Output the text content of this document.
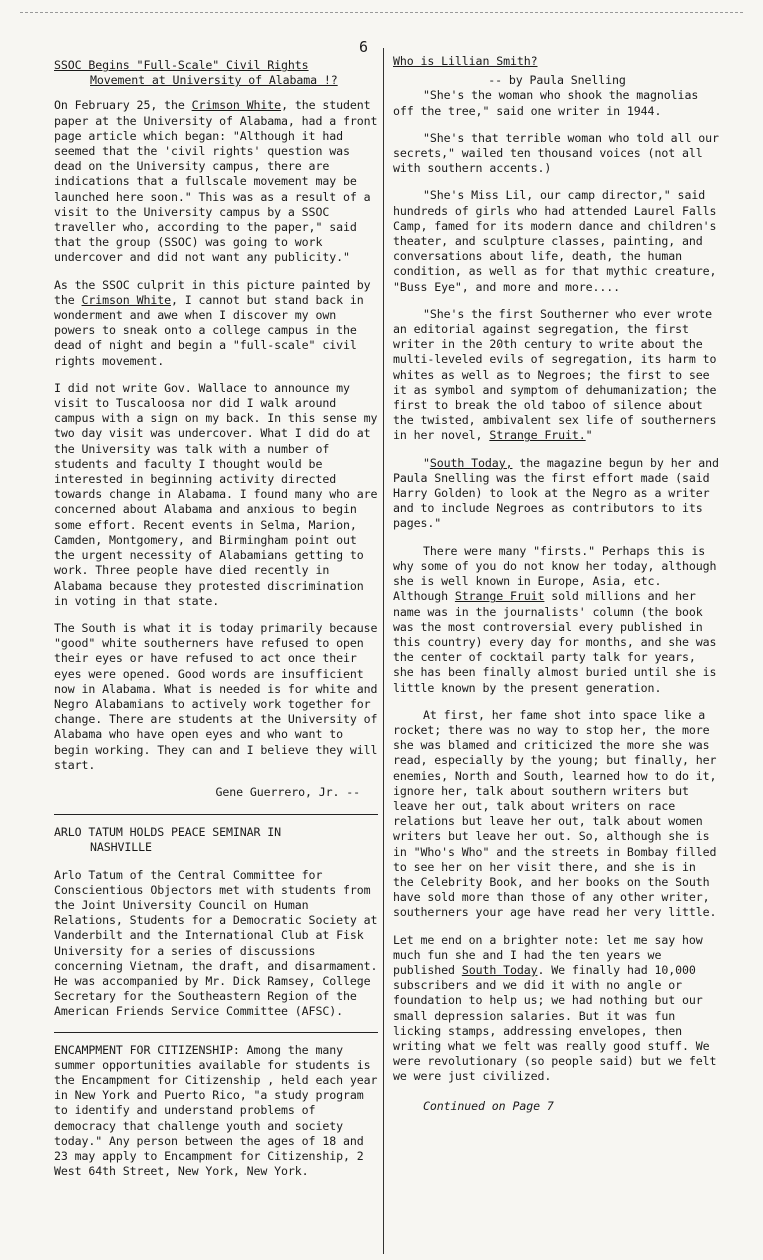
6

SSOC Begins "Full-Scale" Civil Rights

Movement at University of Alabama !?

On February 25, the Crimson White, the student paper at the University of Alabama, had a front page article which began: "Although it had seemed that the 'civil rights' question was dead on the University campus, there are indications that a fullscale movement may be launched here soon." This was as a result of a visit to the University campus by a SSOC traveller who, according to the paper," said that the group (SSOC) was going to work undercover and did not want any publicity."

As the SSOC culprit in this picture painted by the Crimson White, I cannot but stand back in wonderment and awe when I discover my own powers to sneak onto a college campus in the dead of night and begin a "full-scale" civil rights movement.

I did not write Gov. Wallace to announce my visit to Tuscaloosa nor did I walk around campus with a sign on my back. In this sense my two day visit was undercover. What I did do at the University was talk with a number of students and faculty I thought would be interested in beginning activity directed towards change in Alabama. I found many who are concerned about Alabama and anxious to begin some effort. Recent events in Selma, Marion, Camden, Montgomery, and Birmingham point out the urgent necessity of Alabamians getting to work. Three people have died recently in Alabama because they protested discrimination in voting in that state.

The South is what it is today primarily because "good" white southerners have refused to open their eyes or have refused to act once their eyes were opened. Good words are insufficient now in Alabama. What is needed is for white and Negro Alabamians to actively work together for change. There are students at the University of Alabama who have open eyes and who want to begin working. They can and I believe they will start.

Gene Guerrero, Jr. --

ARLO TATUM HOLDS PEACE SEMINAR IN

NASHVILLE

Arlo Tatum of the Central Committee for Conscientious Objectors met with students from the Joint University Council on Human Relations, Students for a Democratic Society at Vanderbilt and the International Club at Fisk University for a series of discussions concerning Vietnam, the draft, and disarmament. He was accompanied by Mr. Dick Ramsey, College Secretary for the Southeastern Region of the American Friends Service Committee (AFSC).

ENCAMPMENT FOR CITIZENSHIP: Among the many summer opportunities available for students is the Encampment for Citizenship , held each year in New York and Puerto Rico, "a study program to identify and understand problems of democracy that challenge youth and society today." Any person between the ages of 18 and 23 may apply to Encampment for Citizenship, 2 West 64th Street, New York, New York.

Who is Lillian Smith?

-- by Paula Snelling

"She's the woman who shook the magnolias off the tree," said one writer in 1944.

"She's that terrible woman who told all our secrets," wailed ten thousand voices (not all with southern accents.)

"She's Miss Lil, our camp director," said hundreds of girls who had attended Laurel Falls Camp, famed for its modern dance and children's theater, and sculpture classes, painting, and conversations about life, death, the human condition, as well as for that mythic creature, "Buss Eye", and more and more....

"She's the first Southerner who ever wrote an editorial against segregation, the first writer in the 20th century to write about the multi-leveled evils of segregation, its harm to whites as well as to Negroes; the first to see it as symbol and symptom of dehumanization; the first to break the old taboo of silence about the twisted, ambivalent sex life of southerners in her novel, Strange Fruit."

"South Today, the magazine begun by her and Paula Snelling was the first effort made (said Harry Golden) to look at the Negro as a writer and to include Negroes as contributors to its pages."

There were many "firsts." Perhaps this is why some of you do not know her today, although she is well known in Europe, Asia, etc. Although Strange Fruit sold millions and her name was in the journalists' column (the book was the most controversial every published in this country) every day for months, and she was the center of cocktail party talk for years, she has been finally almost buried until she is little known by the present generation.

At first, her fame shot into space like a rocket; there was no way to stop her, the more she was blamed and criticized the more she was read, especially by the young; but finally, her enemies, North and South, learned how to do it, ignore her, talk about southern writers but leave her out, talk about writers on race relations but leave her out, talk about women writers but leave her out. So, although she is in "Who's Who" and the streets in Bombay filled to see her on her visit there, and she is in the Celebrity Book, and her books on the South have sold more than those of any other writer, southerners your age have read her very little.

Let me end on a brighter note: let me say how much fun she and I had the ten years we published South Today. We finally had 10,000 subscribers and we did it with no angle or foundation to help us; we had nothing but our small depression salaries. But it was fun licking stamps, addressing envelopes, then writing what we felt was really good stuff. We were revolutionary (so people said) but we felt we were just civilized.

Continued on Page 7
